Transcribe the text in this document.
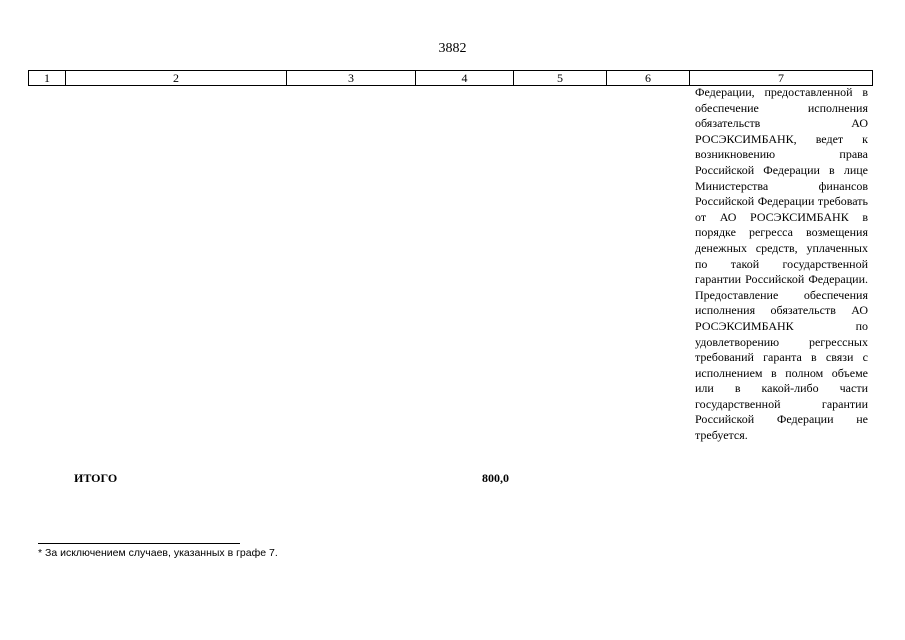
3882
1	2	3	4	5	6	7

Федерации, предоставленной в обеспечение исполнения обязательств АО РОСЭКСИМБАНК, ведет к возникновению права Российской Федерации в лице Министерства финансов Российской Федерации требовать от АО РОСЭКСИМБАНК в порядке регресса возмещения денежных средств, уплаченных по такой государственной гарантии Российской Федерации. Предоставление обеспечения исполнения обязательств АО РОСЭКСИМБАНК по удовлетворению регрессных требований гаранта в связи с исполнением в полном объеме или в какой-либо части государственной гарантии Российской Федерации не требуется.

ИТОГО	800,0
* За исключением случаев, указанных в графе 7.
